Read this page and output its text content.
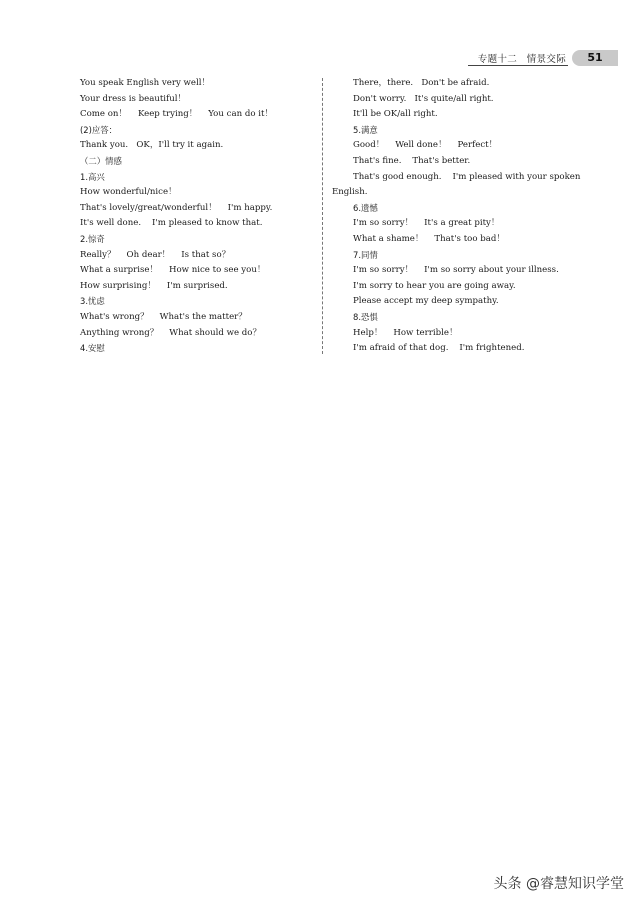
专题十二　情景交际	51
You speak English very well！
Your dress is beautiful！
Come on！    Keep trying！    You can do it！
(2)应答：
Thank you.   OK，I'll try it again.
（二）情感
1.高兴
How wonderful/nice！
That's lovely/great/wonderful！    I'm happy.
It's well done.    I'm pleased to know that.
2.惊奇
Really？    Oh dear！    Is that so？
What a surprise！    How nice to see you！
How surprising！    I'm surprised.
3.忧虑
What's wrong？    What's the matter？
Anything wrong？    What should we do？
4.安慰
There，there.   Don't be afraid.
Don't worry.   It's quite/all right.
It'll be OK/all right.
5.满意
Good！    Well done！    Perfect！
That's fine.    That's better.
That's good enough.    I'm pleased with your spoken
English.
6.遗憾
I'm so sorry！    It's a great pity！
What a shame！    That's too bad！
7.同情
I'm so sorry！    I'm so sorry about your illness.
I'm sorry to hear you are going away.
Please accept my deep sympathy.
8.恐惧
Help！    How terrible！
I'm afraid of that dog.    I'm frightened.
头条 @睿慧知识学堂
